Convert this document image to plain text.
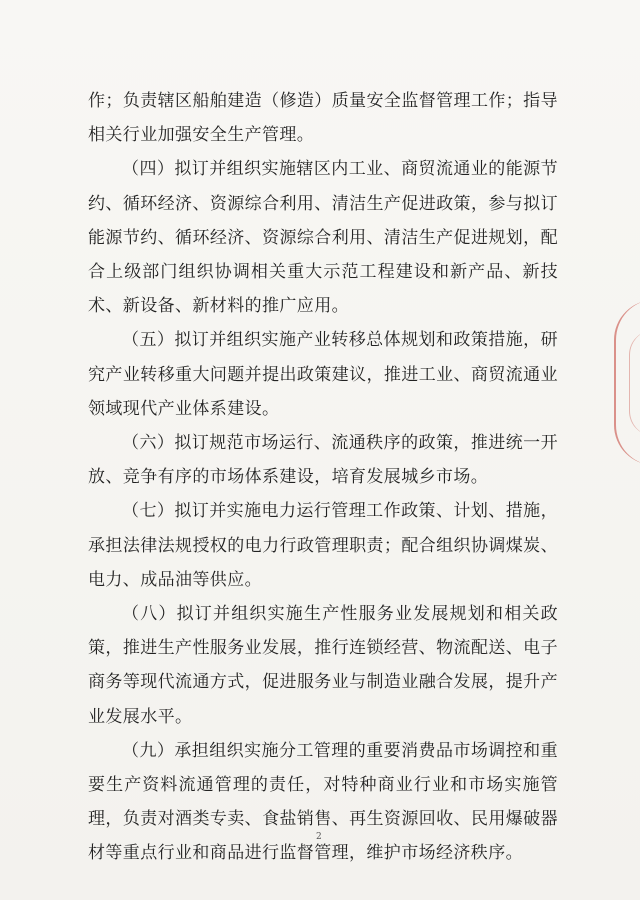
作；负责辖区船舶建造（修造）质量安全监督管理工作；指导相关行业加强安全生产管理。

（四）拟订并组织实施辖区内工业、商贸流通业的能源节约、循环经济、资源综合利用、清洁生产促进政策，参与拟订能源节约、循环经济、资源综合利用、清洁生产促进规划，配合上级部门组织协调相关重大示范工程建设和新产品、新技术、新设备、新材料的推广应用。

（五）拟订并组织实施产业转移总体规划和政策措施，研究产业转移重大问题并提出政策建议，推进工业、商贸流通业领域现代产业体系建设。

（六）拟订规范市场运行、流通秩序的政策，推进统一开放、竞争有序的市场体系建设，培育发展城乡市场。

（七）拟订并实施电力运行管理工作政策、计划、措施，承担法律法规授权的电力行政管理职责；配合组织协调煤炭、电力、成品油等供应。

（八）拟订并组织实施生产性服务业发展规划和相关政策，推进生产性服务业发展，推行连锁经营、物流配送、电子商务等现代流通方式，促进服务业与制造业融合发展，提升产业发展水平。

（九）承担组织实施分工管理的重要消费品市场调控和重要生产资料流通管理的责任，对特种商业行业和市场实施管理，负责对酒类专卖、食盐销售、再生资源回收、民用爆破器材等重点行业和商品进行监督管理，维护市场经济秩序。

2
